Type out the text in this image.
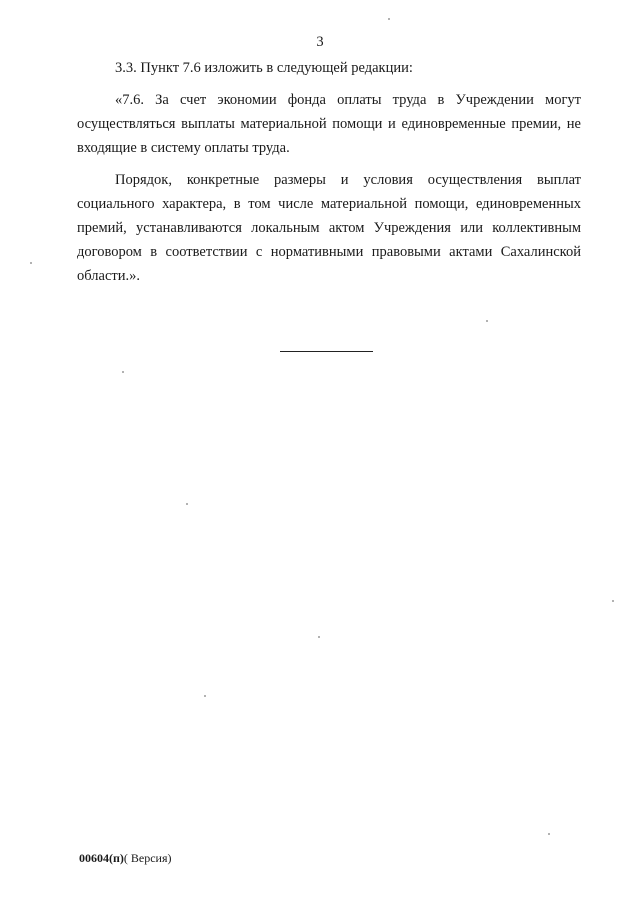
3

3.3. Пункт 7.6 изложить в следующей редакции:

«7.6. За счет экономии фонда оплаты труда в Учреждении могут осуществляться выплаты материальной помощи и единовременные премии, не входящие в систему оплаты труда.

Порядок, конкретные размеры и условия осуществления выплат социального характера, в том числе материальной помощи, единовременных премий, устанавливаются локальным актом Учреждения или коллективным договором в соответствии с нормативными правовыми актами Сахалинской области.».

00604(п)( Версия)
